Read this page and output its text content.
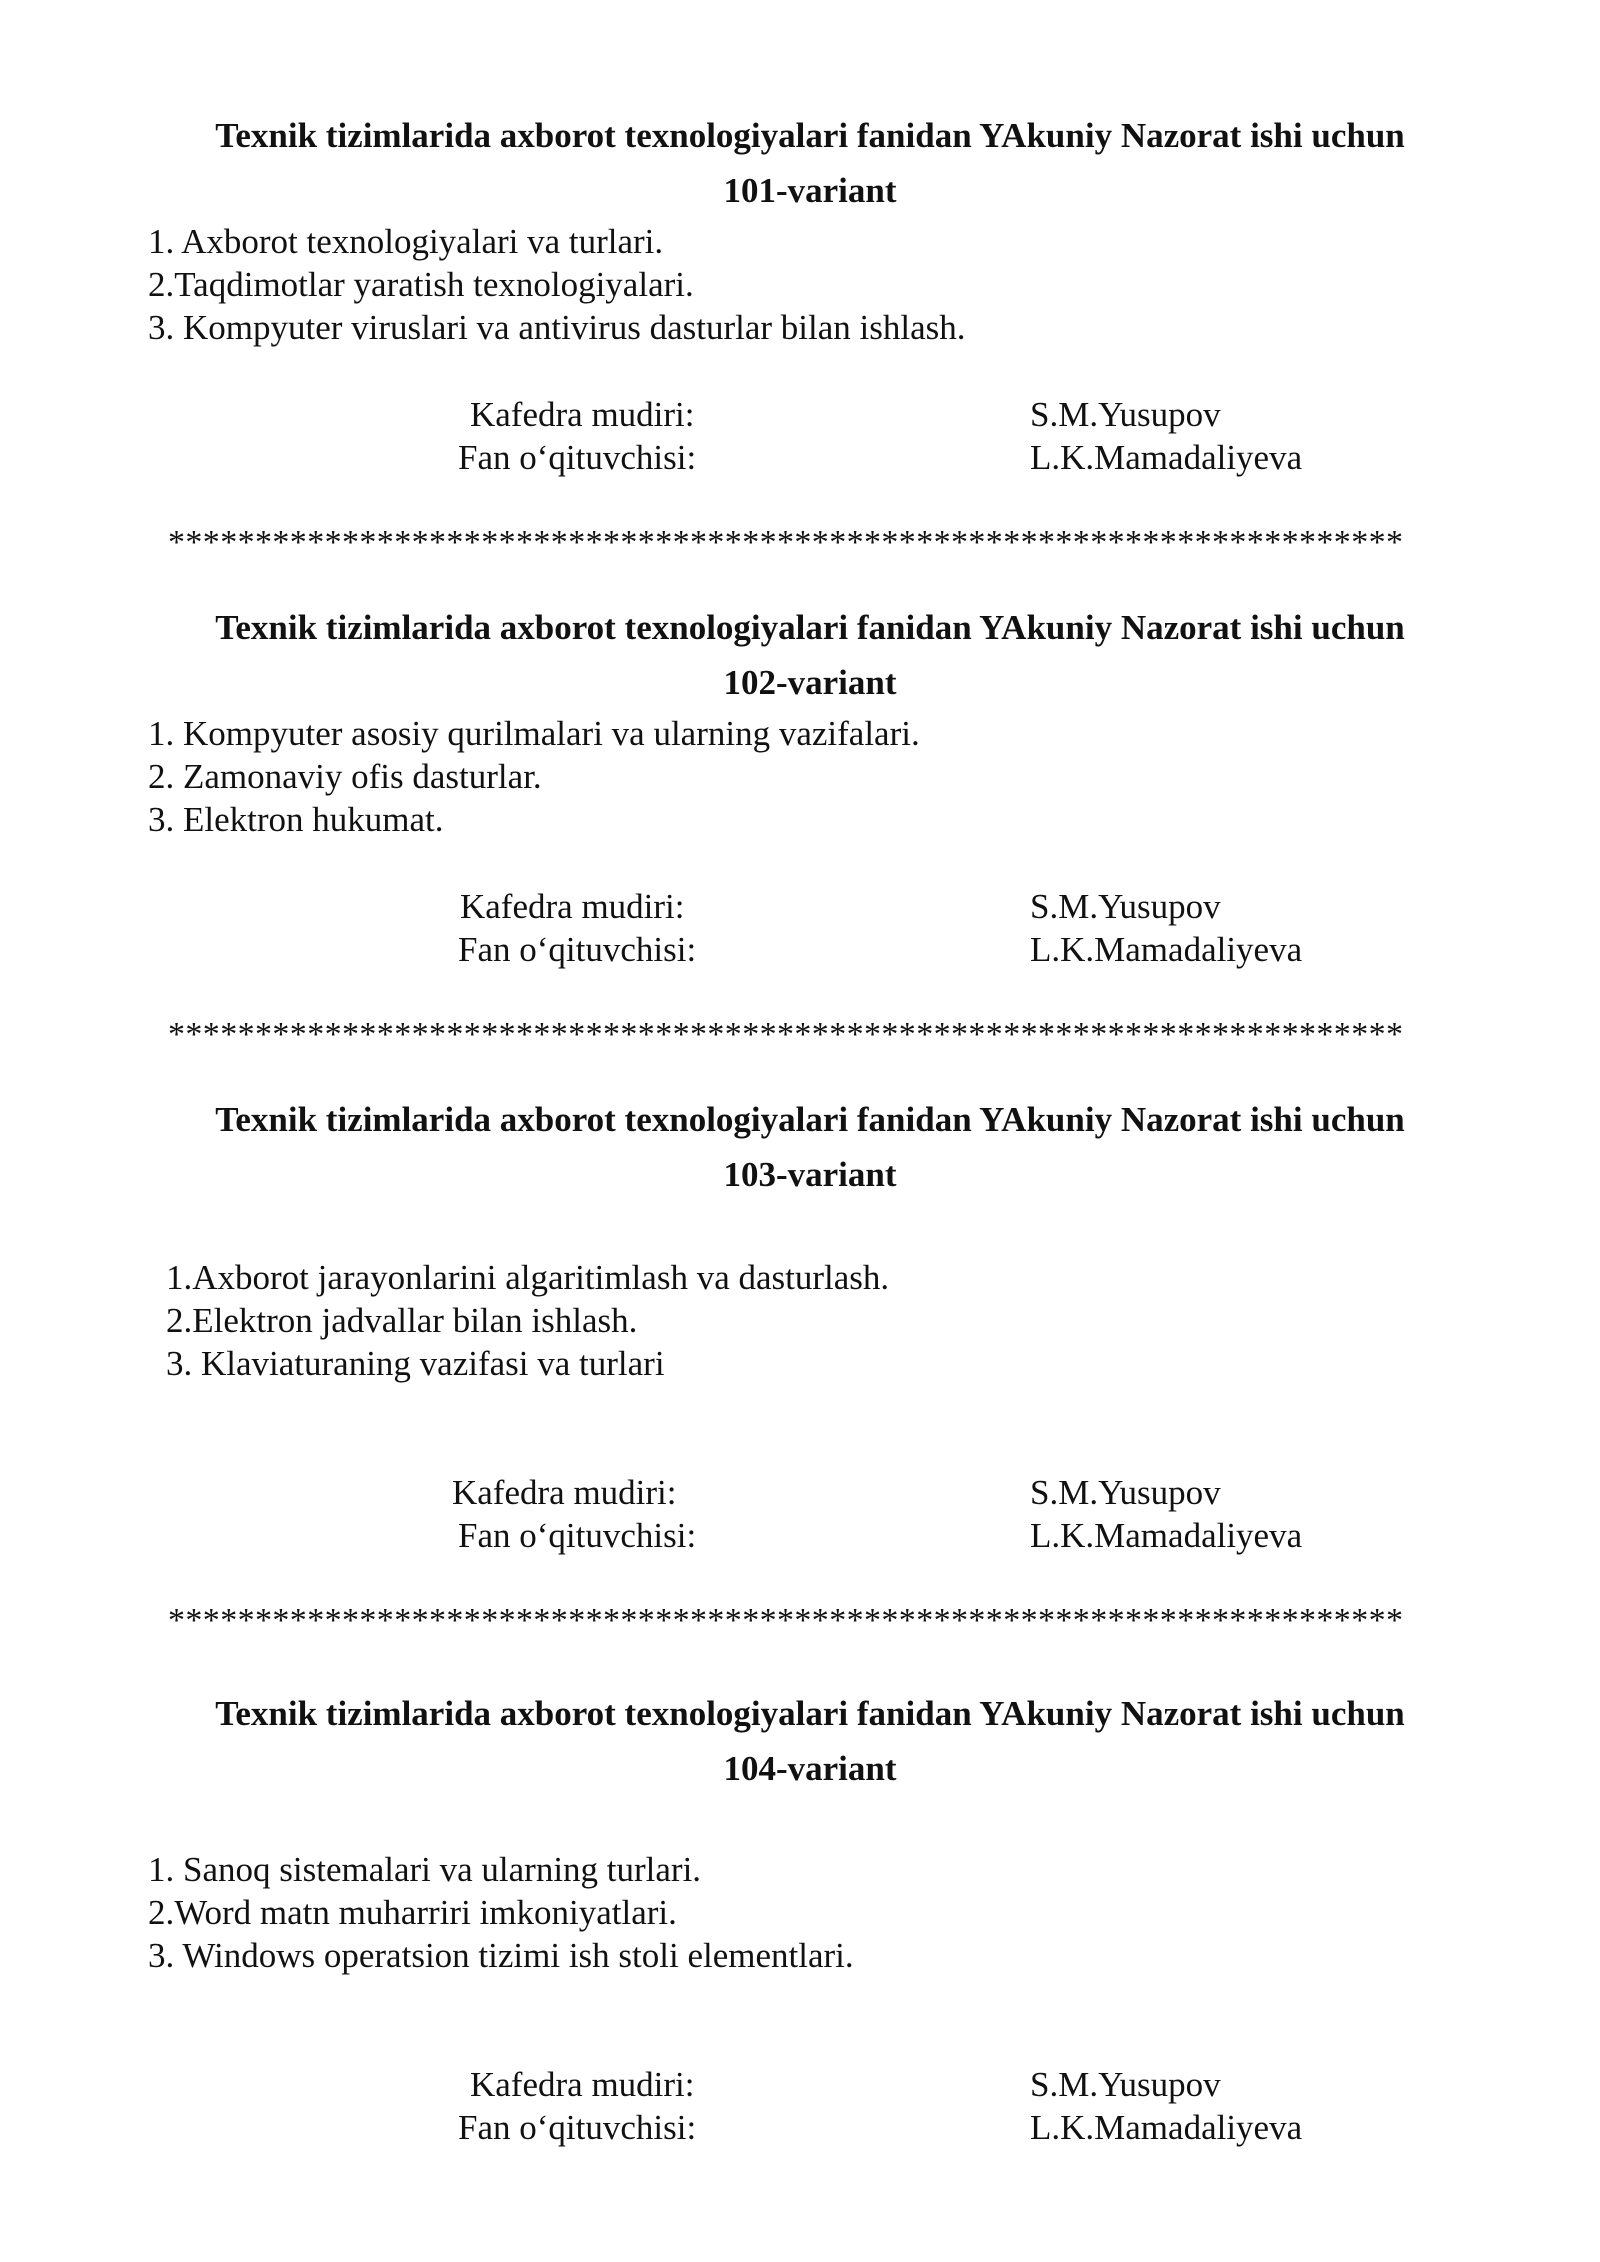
Texnik tizimlarida axborot texnologiyalari fanidan YAkuniy Nazorat ishi uchun
101-variant
1. Axborot texnologiyalari va turlari.
2.Taqdimotlar yaratish texnologiyalari.
3. Kompyuter viruslari va antivirus dasturlar bilan ishlash.
Kafedra mudiri:	S.M.Yusupov
Fan o‘qituvchisi:	L.K.Mamadaliyeva
***********************************************************************
Texnik tizimlarida axborot texnologiyalari fanidan YAkuniy Nazorat ishi uchun
102-variant
1. Kompyuter asosiy qurilmalari va ularning vazifalari.
2. Zamonaviy ofis dasturlar.
3. Elektron hukumat.
Kafedra mudiri:	S.M.Yusupov
Fan o‘qituvchisi:	L.K.Mamadaliyeva
***********************************************************************
Texnik tizimlarida axborot texnologiyalari fanidan YAkuniy Nazorat ishi uchun
103-variant
1.Axborot jarayonlarini algaritimlash va dasturlash.
2.Elektron jadvallar bilan ishlash.
3. Klaviaturaning vazifasi va turlari
Kafedra mudiri:	S.M.Yusupov
Fan o‘qituvchisi:	L.K.Mamadaliyeva
***********************************************************************
Texnik tizimlarida axborot texnologiyalari fanidan YAkuniy Nazorat ishi uchun
104-variant
1. Sanoq sistemalari va ularning turlari.
2.Word matn muharriri imkoniyatlari.
3. Windows operatsion tizimi ish stoli elementlari.
Kafedra mudiri:	S.M.Yusupov
Fan o‘qituvchisi:	L.K.Mamadaliyeva
